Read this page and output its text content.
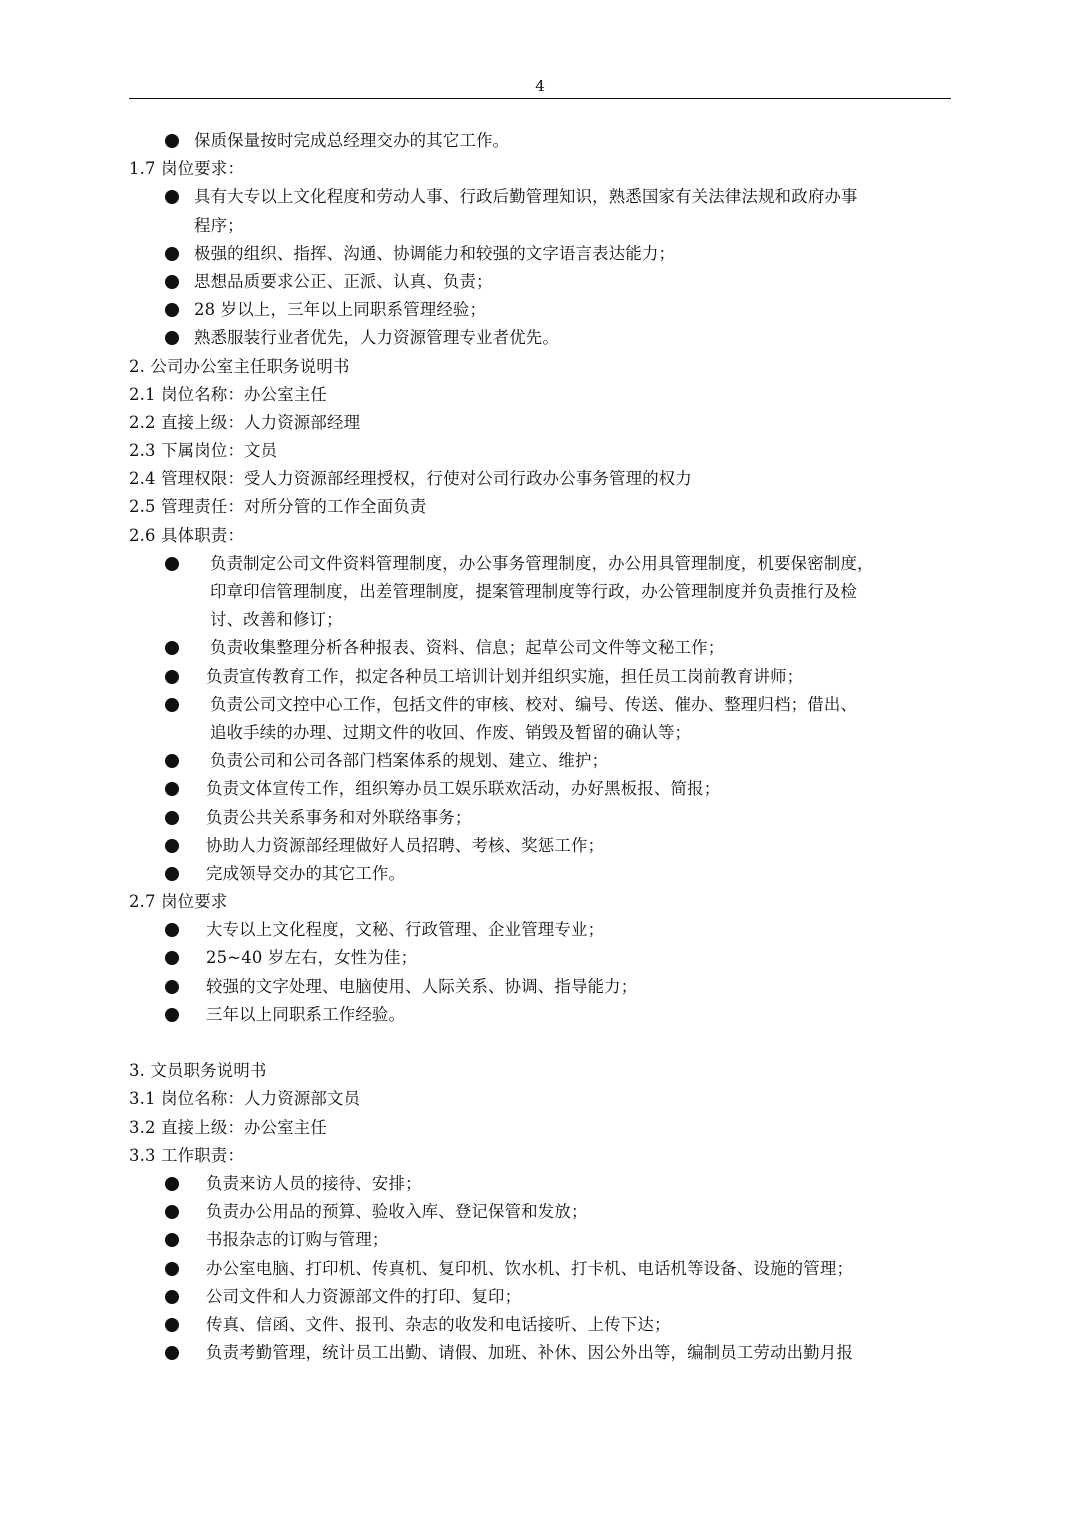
4
保质保量按时完成总经理交办的其它工作。
1.7 岗位要求：
具有大专以上文化程度和劳动人事、行政后勤管理知识，熟悉国家有关法律法规和政府办事
程序；
极强的组织、指挥、沟通、协调能力和较强的文字语言表达能力；
思想品质要求公正、正派、认真、负责；
28 岁以上，三年以上同职系管理经验；
熟悉服装行业者优先，人力资源管理专业者优先。
2. 公司办公室主任职务说明书
2.1 岗位名称：办公室主任
2.2 直接上级：人力资源部经理
2.3 下属岗位：文员
2.4 管理权限：受人力资源部经理授权，行使对公司行政办公事务管理的权力
2.5 管理责任：对所分管的工作全面负责
2.6 具体职责：
负责制定公司文件资料管理制度，办公事务管理制度，办公用具管理制度，机要保密制度，
印章印信管理制度，出差管理制度，提案管理制度等行政，办公管理制度并负责推行及检
讨、改善和修订；
负责收集整理分析各种报表、资料、信息；起草公司文件等文秘工作；
负责宣传教育工作，拟定各种员工培训计划并组织实施，担任员工岗前教育讲师；
负责公司文控中心工作，包括文件的审核、校对、编号、传送、催办、整理归档；借出、
追收手续的办理、过期文件的收回、作废、销毁及暂留的确认等；
负责公司和公司各部门档案体系的规划、建立、维护；
负责文体宣传工作，组织筹办员工娱乐联欢活动，办好黑板报、简报；
负责公共关系事务和对外联络事务；
协助人力资源部经理做好人员招聘、考核、奖惩工作；
完成领导交办的其它工作。
2.7 岗位要求
大专以上文化程度，文秘、行政管理、企业管理专业；
25~40 岁左右，女性为佳；
较强的文字处理、电脑使用、人际关系、协调、指导能力；
三年以上同职系工作经验。
3. 文员职务说明书
3.1 岗位名称：人力资源部文员
3.2 直接上级：办公室主任
3.3 工作职责：
负责来访人员的接待、安排；
负责办公用品的预算、验收入库、登记保管和发放；
书报杂志的订购与管理；
办公室电脑、打印机、传真机、复印机、饮水机、打卡机、电话机等设备、设施的管理；
公司文件和人力资源部文件的打印、复印；
传真、信函、文件、报刊、杂志的收发和电话接听、上传下达；
负责考勤管理，统计员工出勤、请假、加班、补休、因公外出等，编制员工劳动出勤月报
